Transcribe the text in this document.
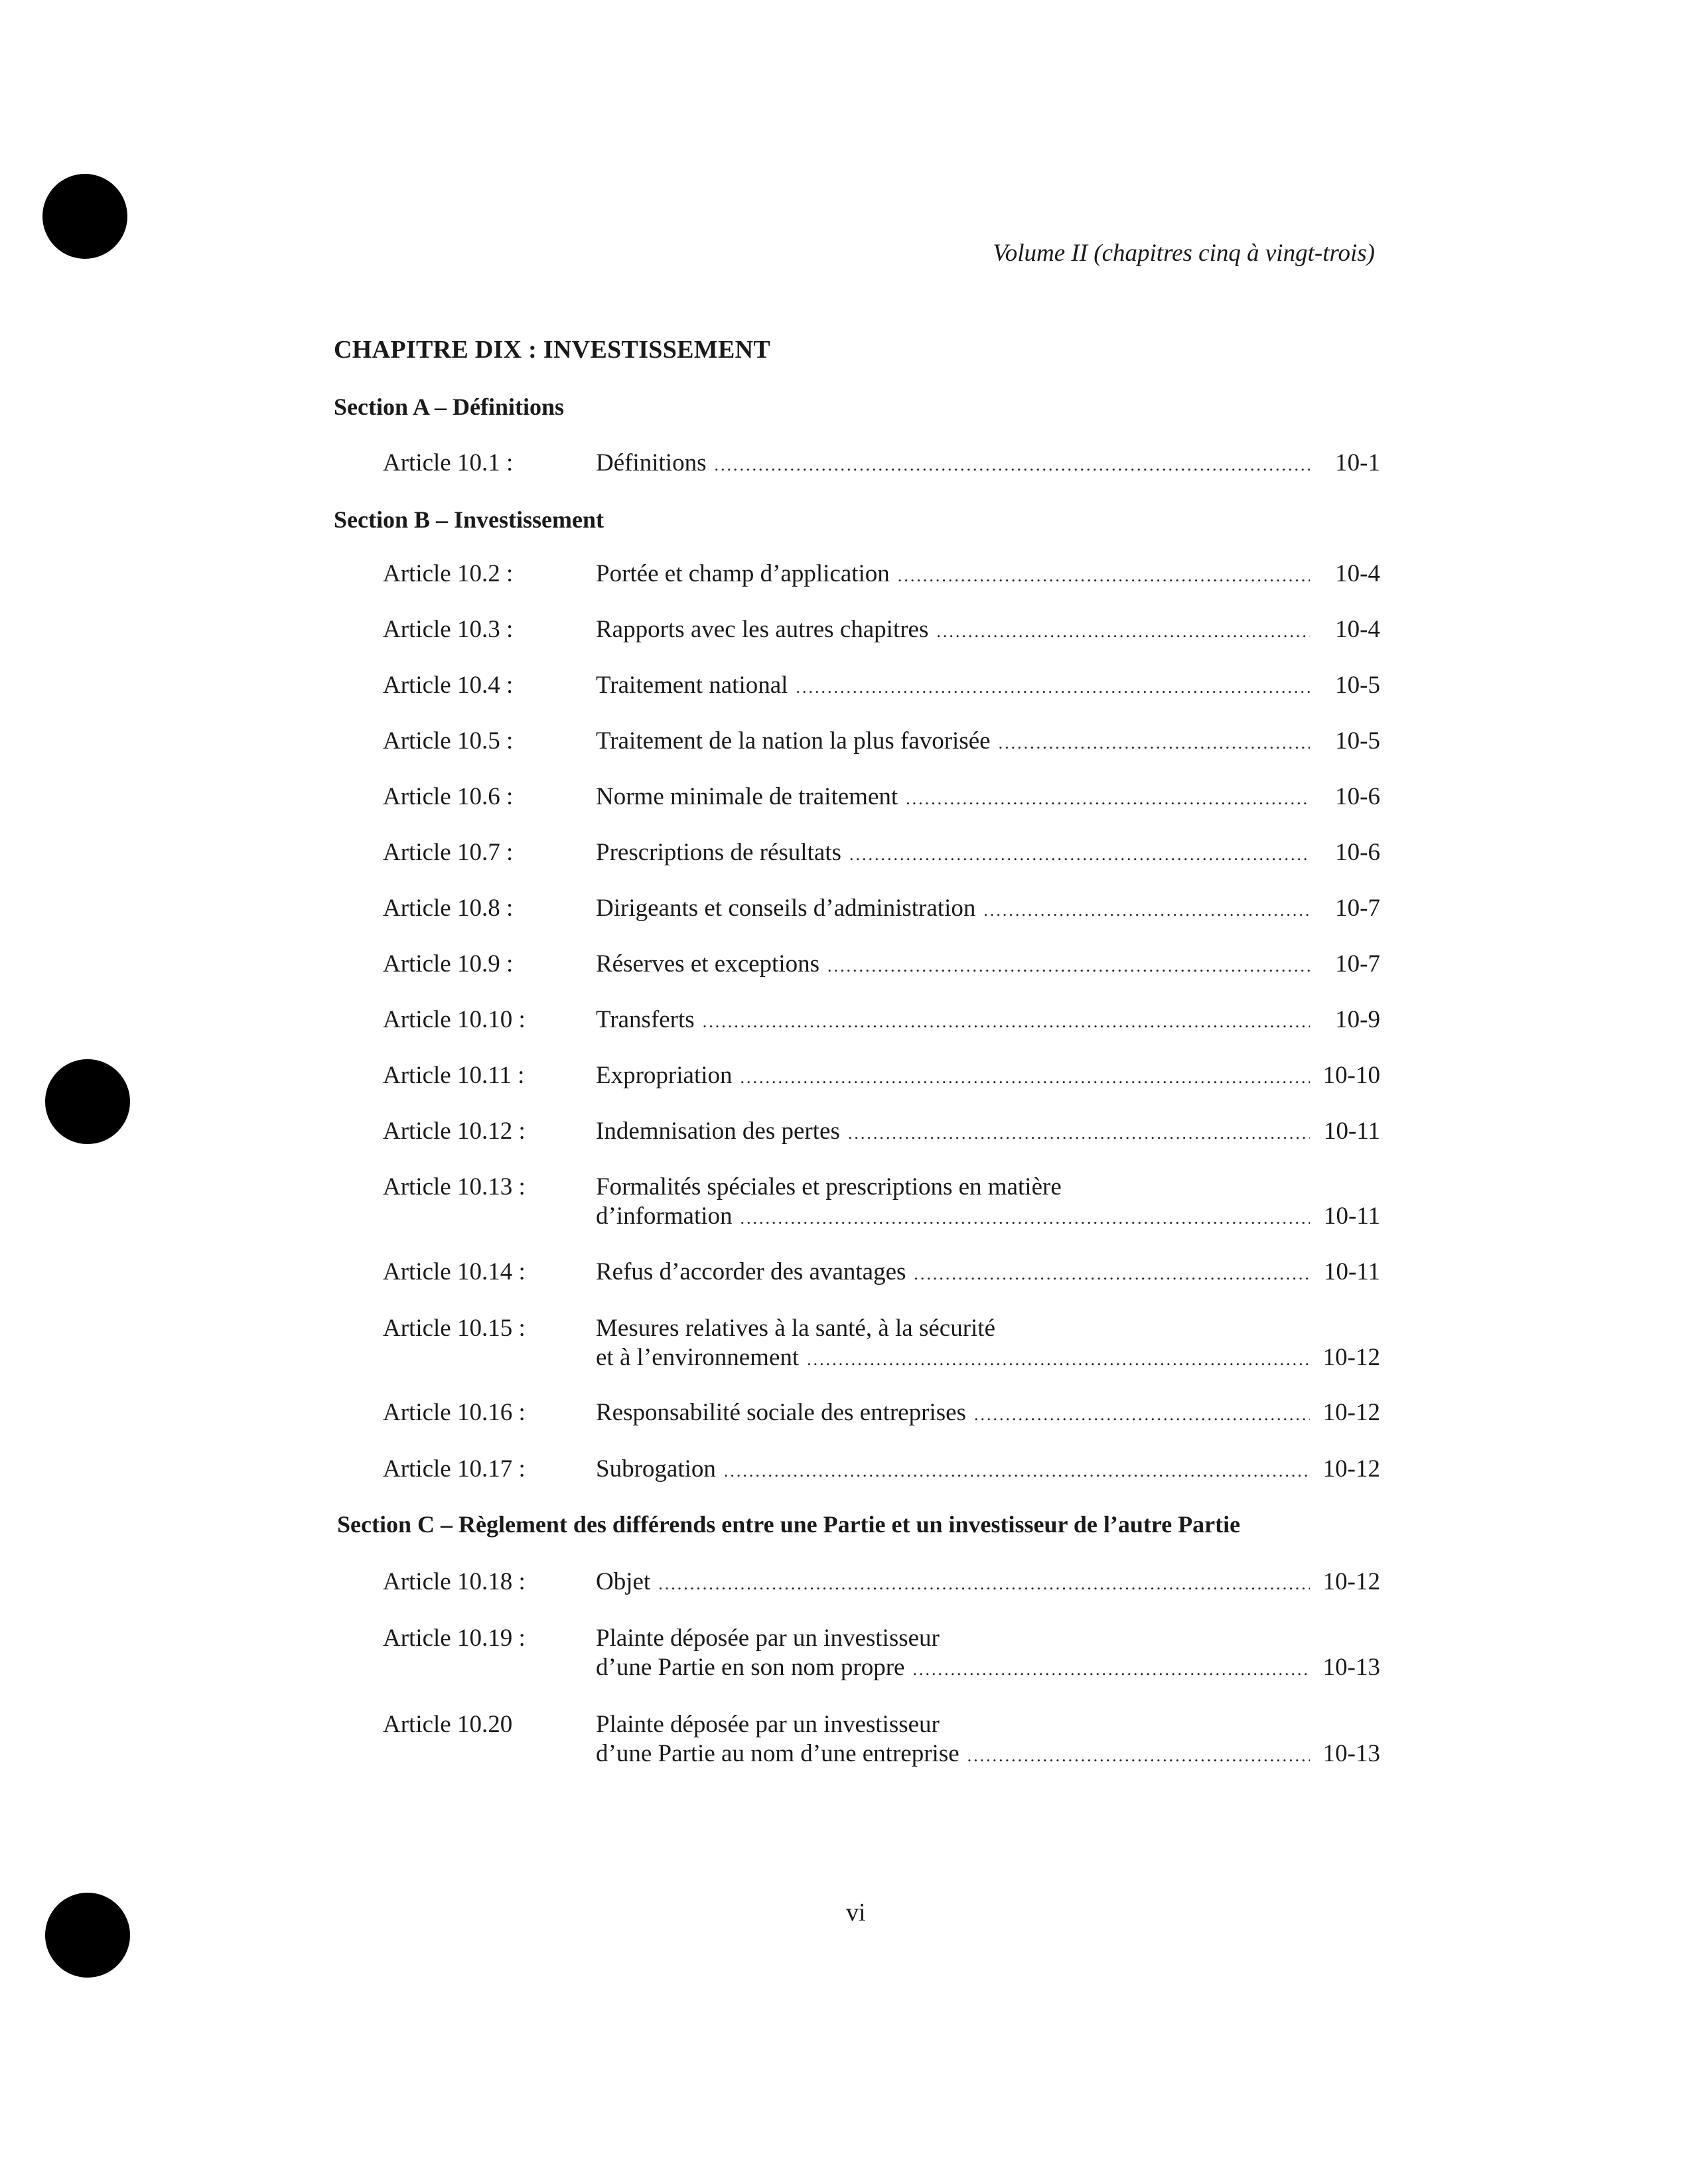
Volume II (chapitres cinq à vingt-trois)
CHAPITRE DIX : INVESTISSEMENT
Section A – Définitions
Article 10.1 :	Définitions .....	10-1
Section B – Investissement
Article 10.2 :	Portée et champ d’application .....	10-4
Article 10.3 :	Rapports avec les autres chapitres .....	10-4
Article 10.4 :	Traitement national .....	10-5
Article 10.5 :	Traitement de la nation la plus favorisée .....	10-5
Article 10.6 :	Norme minimale de traitement .....	10-6
Article 10.7 :	Prescriptions de résultats .....	10-6
Article 10.8 :	Dirigeants et conseils d’administration .....	10-7
Article 10.9 :	Réserves et exceptions .....	10-7
Article 10.10 :	Transferts .....	10-9
Article 10.11 :	Expropriation .....	10-10
Article 10.12 :	Indemnisation des pertes .....	10-11
Article 10.13 :	Formalités spéciales et prescriptions en matière
d’information .....	10-11
Article 10.14 :	Refus d’accorder des avantages .....	10-11
Article 10.15 :	Mesures relatives à la santé, à la sécurité
et à l’environnement .....	10-12
Article 10.16 :	Responsabilité sociale des entreprises .....	10-12
Article 10.17 :	Subrogation .....	10-12
Section C – Règlement des différends entre une Partie et un investisseur de l’autre Partie
Article 10.18 :	Objet .....	10-12
Article 10.19 :	Plainte déposée par un investisseur
d’une Partie en son nom propre .....	10-13
Article 10.20	Plainte déposée par un investisseur
d’une Partie au nom d’une entreprise .....	10-13
vi
